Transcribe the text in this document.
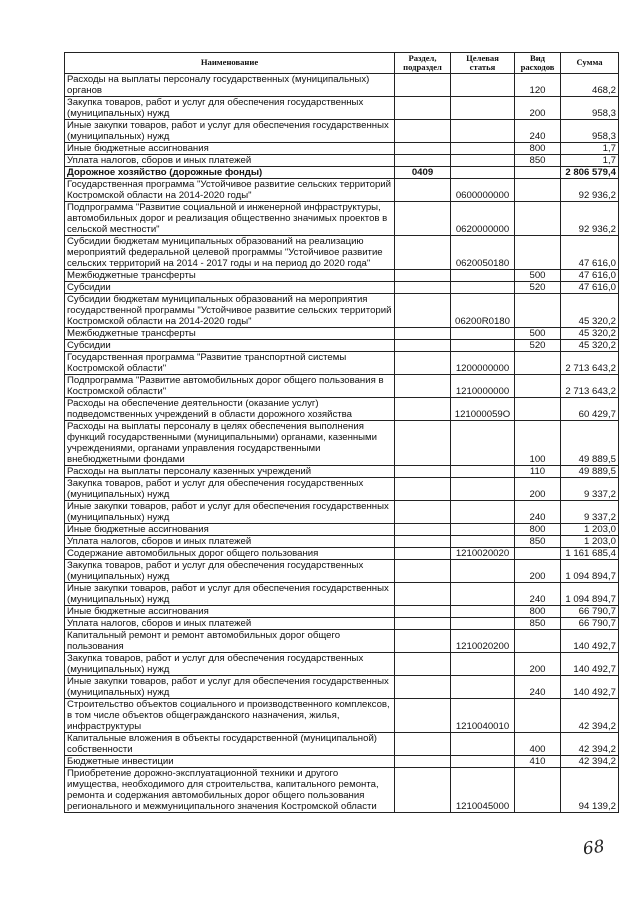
Наименование	Раздел, подраздел	Целевая статья	Вид расходов	Сумма
Расходы на выплаты персоналу государственных (муниципальных) органов			120	468,2
Закупка товаров, работ и услуг для обеспечения государственных (муниципальных) нужд			200	958,3
Иные закупки товаров, работ и услуг для обеспечения государственных (муниципальных) нужд			240	958,3
Иные бюджетные ассигнования			800	1,7
Уплата налогов, сборов и иных платежей			850	1,7
Дорожное хозяйство (дорожные фонды)	0409			2 806 579,4
Государственная программа "Устойчивое развитие сельских территорий Костромской области на 2014-2020 годы"		0600000000		92 936,2
Подпрограмма "Развитие социальной и инженерной инфраструктуры, автомобильных дорог и реализация общественно значимых проектов в сельской местности"		0620000000		92 936,2
Субсидии бюджетам муниципальных образований на реализацию мероприятий федеральной целевой программы "Устойчивое развитие сельских территорий на 2014 - 2017 годы и на период до 2020 года"		0620050180		47 616,0
Межбюджетные трансферты			500	47 616,0
Субсидии			520	47 616,0
Субсидии бюджетам муниципальных образований на мероприятия государственной программы "Устойчивое развитие сельских территорий Костромской области на 2014-2020 годы"		06200R0180		45 320,2
Межбюджетные трансферты			500	45 320,2
Субсидии			520	45 320,2
Государственная программа "Развитие транспортной системы Костромской области"		1200000000		2 713 643,2
Подпрограмма "Развитие автомобильных дорог общего пользования в Костромской области"		1210000000		2 713 643,2
Расходы на обеспечение деятельности (оказание услуг) подведомственных учреждений в области дорожного хозяйства		121000059О		60 429,7
Расходы на выплаты персоналу в целях обеспечения выполнения функций государственными (муниципальными) органами, казенными учреждениями, органами управления государственными внебюджетными фондами			100	49 889,5
Расходы на выплаты персоналу казенных учреждений			110	49 889,5
Закупка товаров, работ и услуг для обеспечения государственных (муниципальных) нужд			200	9 337,2
Иные закупки товаров, работ и услуг для обеспечения государственных (муниципальных) нужд			240	9 337,2
Иные бюджетные ассигнования			800	1 203,0
Уплата налогов, сборов и иных платежей			850	1 203,0
Содержание автомобильных дорог общего пользования		1210020020		1 161 685,4
Закупка товаров, работ и услуг для обеспечения государственных (муниципальных) нужд			200	1 094 894,7
Иные закупки товаров, работ и услуг для обеспечения государственных (муниципальных) нужд			240	1 094 894,7
Иные бюджетные ассигнования			800	66 790,7
Уплата налогов, сборов и иных платежей			850	66 790,7
Капитальный ремонт и ремонт автомобильных дорог общего пользования		1210020200		140 492,7
Закупка товаров, работ и услуг для обеспечения государственных (муниципальных) нужд			200	140 492,7
Иные закупки товаров, работ и услуг для обеспечения государственных (муниципальных) нужд			240	140 492,7
Строительство объектов социального и производственного комплексов, в том числе объектов общегражданского назначения, жилья, инфраструктуры		1210040010		42 394,2
Капитальные вложения в объекты государственной (муниципальной) собственности			400	42 394,2
Бюджетные инвестиции			410	42 394,2
Приобретение дорожно-эксплуатационной техники и другого имущества, необходимого для строительства, капитального ремонта, ремонта и содержания автомобильных дорог общего пользования регионального и межмуниципального значения Костромской области		1210045000		94 139,2
68
